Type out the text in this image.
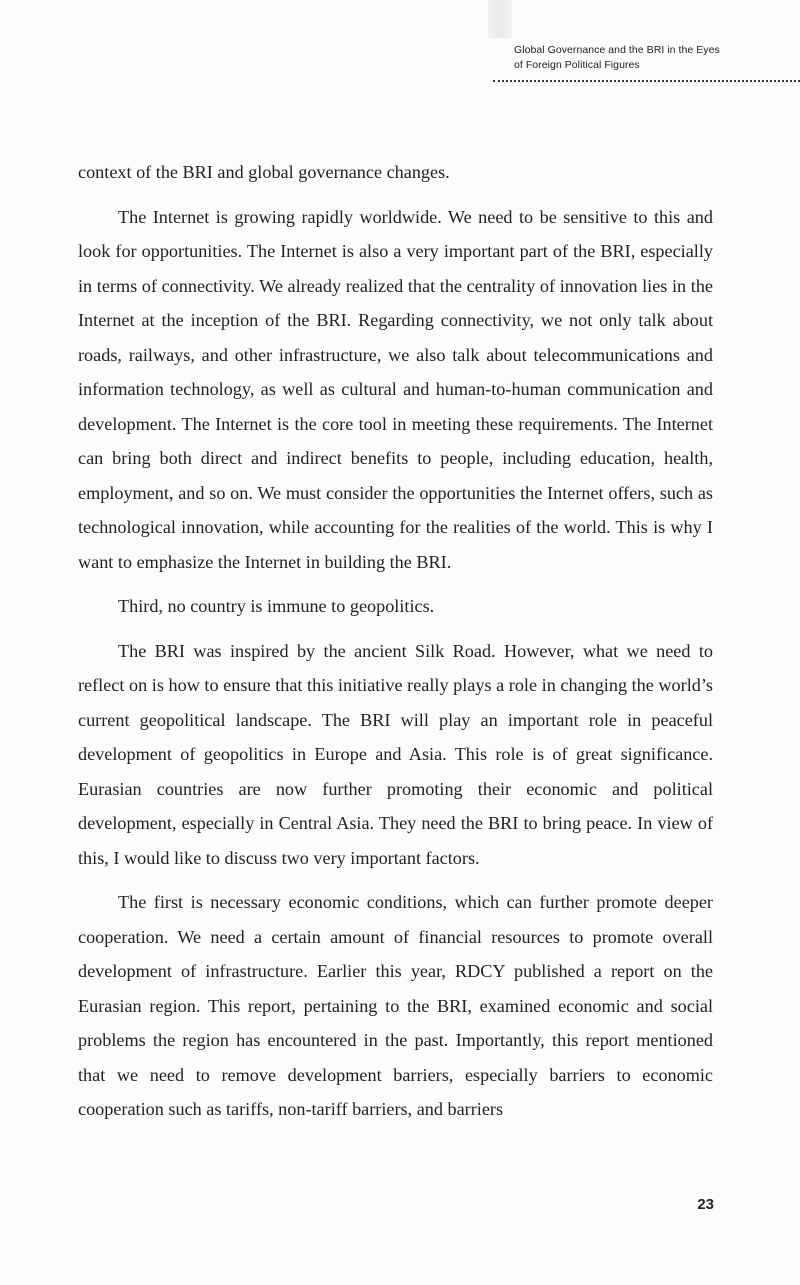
Global Governance and the BRI in the Eyes
of Foreign Political Figures

context of the BRI and global governance changes.

The Internet is growing rapidly worldwide. We need to be sensitive to this and look for opportunities. The Internet is also a very important part of the BRI, especially in terms of connectivity. We already realized that the centrality of innovation lies in the Internet at the inception of the BRI. Regarding connectivity, we not only talk about roads, railways, and other infrastructure, we also talk about telecommunications and information technology, as well as cultural and human-to-human communication and development. The Internet is the core tool in meeting these requirements. The Internet can bring both direct and indirect benefits to people, including education, health, employment, and so on. We must consider the opportunities the Internet offers, such as technological innovation, while accounting for the realities of the world. This is why I want to emphasize the Internet in building the BRI.

Third, no country is immune to geopolitics.

The BRI was inspired by the ancient Silk Road. However, what we need to reflect on is how to ensure that this initiative really plays a role in changing the world’s current geopolitical landscape. The BRI will play an important role in peaceful development of geopolitics in Europe and Asia. This role is of great significance. Eurasian countries are now further promoting their economic and political development, especially in Central Asia. They need the BRI to bring peace. In view of this, I would like to discuss two very important factors.

The first is necessary economic conditions, which can further promote deeper cooperation. We need a certain amount of financial resources to promote overall development of infrastructure. Earlier this year, RDCY published a report on the Eurasian region. This report, pertaining to the BRI, examined economic and social problems the region has encountered in the past. Importantly, this report mentioned that we need to remove development barriers, especially barriers to economic cooperation such as tariffs, non-tariff barriers, and barriers

23
